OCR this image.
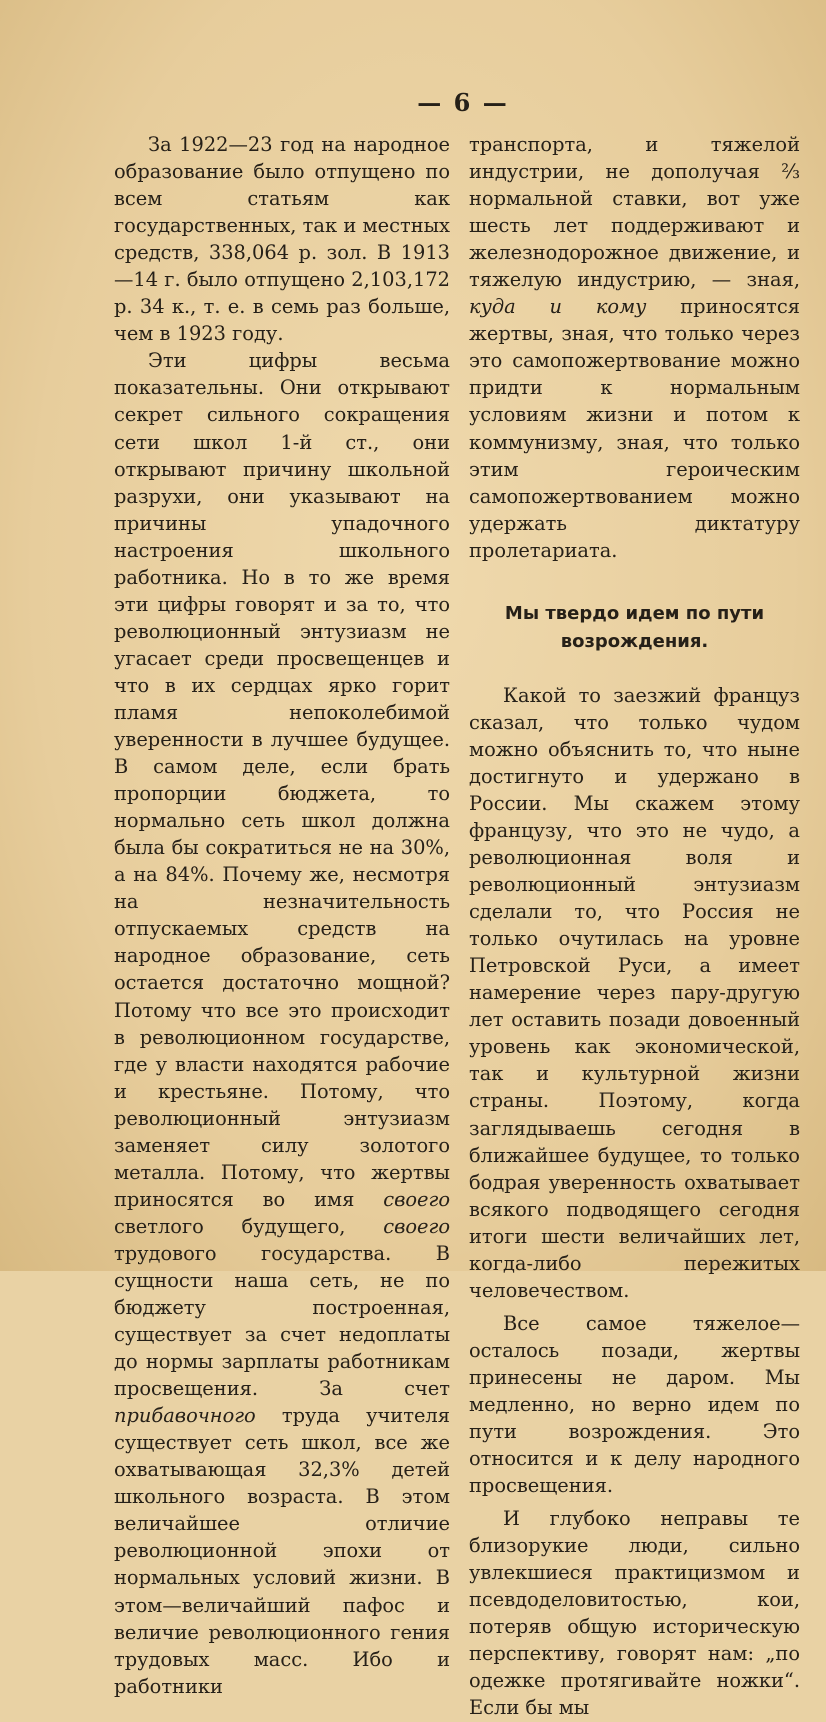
— 6 —

За 1922—23 год на народное образование было отпущено по всем статьям как государственных, так и местных средств, 338,064 р. зол. В 1913—14 г. было отпущено 2,103,172 р. 34 к., т. е. в семь раз больше, чем в 1923 году.

Эти цифры весьма показательны. Они открывают секрет сильного сокращения сети школ 1-й ст., они открывают причину школьной разрухи, они указывают на причины упадочного настроения школьного работника. Но в то же время эти цифры говорят и за то, что революционный энтузиазм не угасает среди просвещенцев и что в их сердцах ярко горит пламя непоколебимой уверенности в лучшее будущее. В самом деле, если брать пропорции бюджета, то нормально сеть школ должна была бы сократиться не на 30%, а на 84%. Почему же, несмотря на незначительность отпускаемых средств на народное образование, сеть остается достаточно мощной? Потому что все это происходит в революционном государстве, где у власти находятся рабочие и крестьяне. Потому, что революционный энтузиазм заменяет силу золотого металла. Потому, что жертвы приносятся во имя своего светлого будущего, своего трудового государства. В сущности наша сеть, не по бюджету построенная, существует за счет недоплаты до нормы зарплаты работникам просвещения. За счет прибавочного труда учителя существует сеть школ, все же охватывающая 32,3% детей школьного возраста. В этом величайшее отличие революционной эпохи от нормальных условий жизни. В этом—величайший пафос и величие революционного гения трудовых масс. Ибо и работники

транспорта, и тяжелой индустрии, не дополучая ⅔ нормальной ставки, вот уже шесть лет поддерживают и железнодорожное движение, и тяжелую индустрию, — зная, куда и кому приносятся жертвы, зная, что только через это самопожертвование можно придти к нормальным условиям жизни и потом к коммунизму, зная, что только этим героическим самопожертвованием можно удержать диктатуру пролетариата.

Мы твердо идем по пути возрождения.

Какой то заезжий француз сказал, что только чудом можно объяснить то, что ныне достигнуто и удержано в России. Мы скажем этому французу, что это не чудо, а революционная воля и революционный энтузиазм сделали то, что Россия не только очутилась на уровне Петровской Руси, а имеет намерение через пару-другую лет оставить позади довоенный уровень как экономической, так и культурной жизни страны. Поэтому, когда заглядываешь сегодня в ближайшее будущее, то только бодрая уверенность охватывает всякого подводящего сегодня итоги шести величайших лет, когда-либо пережитых человечеством.

Все самое тяжелое—осталось позади, жертвы принесены не даром. Мы медленно, но верно идем по пути возрождения. Это относится и к делу народного просвещения.

И глубоко неправы те близорукие люди, сильно увлекшиеся практицизмом и псевдоделовитостью, кои, потеряв общую историческую перспективу, говорят нам: „по одежке протягивайте ножки“. Если бы мы
